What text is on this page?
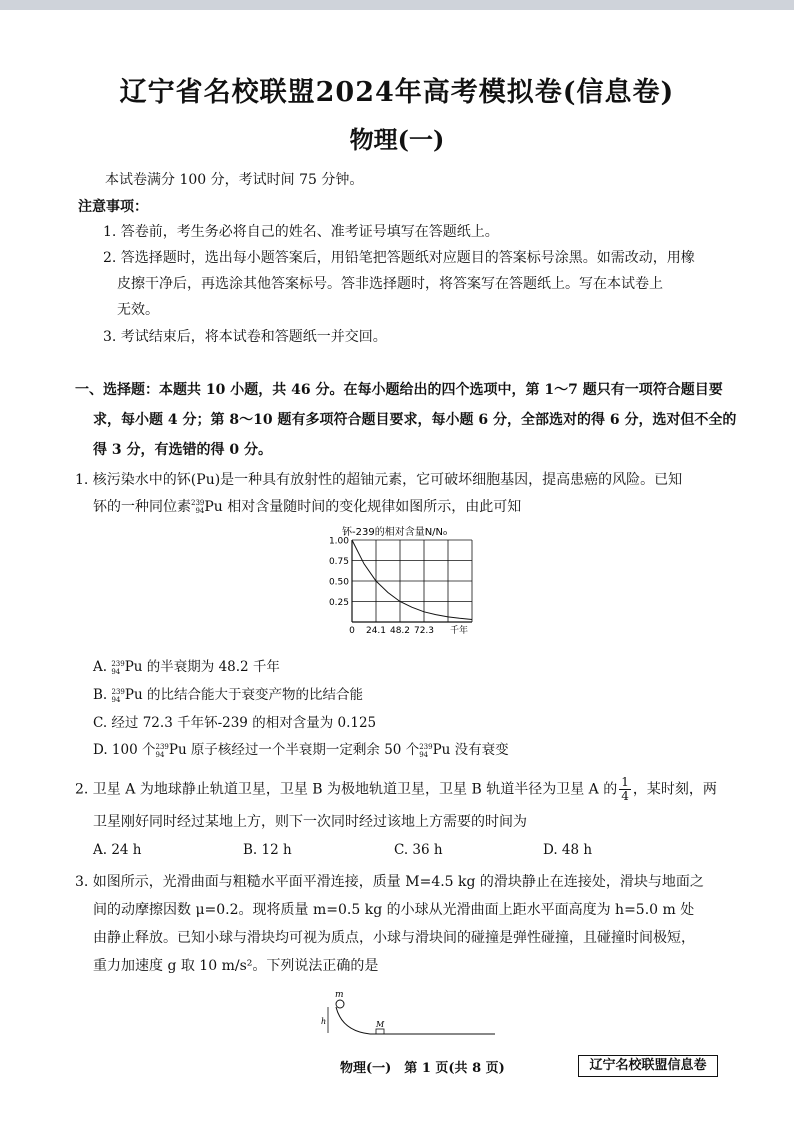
辽宁省名校联盟2024年高考模拟卷(信息卷)
物理(一)
本试卷满分 100 分，考试时间 75 分钟。
注意事项：
1. 答卷前，考生务必将自己的姓名、准考证号填写在答题纸上。
2. 答选择题时，选出每小题答案后，用铅笔把答题纸对应题目的答案标号涂黑。如需改动，用橡
皮擦干净后，再选涂其他答案标号。答非选择题时，将答案写在答题纸上。写在本试卷上
无效。
3. 考试结束后，将本试卷和答题纸一并交回。
一、选择题：本题共 10 小题，共 46 分。在每小题给出的四个选项中，第 1～7 题只有一项符合题目要
求，每小题 4 分；第 8～10 题有多项符合题目要求，每小题 6 分，全部选对的得 6 分，选对但不全的
得 3 分，有选错的得 0 分。
1. 核污染水中的钚(Pu)是一种具有放射性的超铀元素，它可破坏细胞基因，提高患癌的风险。已知
钚的一种同位素239
94Pu 相对含量随时间的变化规律如图所示，由此可知
钚-239的相对含量N/N₀
0.25
0.50
0.75
1.00
0 24.1 48.2 72.3 千年
A. 239
94 Pu 的半衰期为 48.2 千年
B. 239
94 Pu 的比结合能大于衰变产物的比结合能
C. 经过 72.3 千年钚-239 的相对含量为 0.125
D. 100 个239
94 Pu 原子核经过一个半衰期一定剩余 50 个239
94 Pu 没有衰变
2. 卫星 A 为地球静止轨道卫星，卫星 B 为极地轨道卫星，卫星 B 轨道半径为卫星 A 的 $\frac{1}{4}$ ，某时刻，两
卫星刚好同时经过某地上方，则下一次同时经过该地上方需要的时间为
A. 24 h	B. 12 h	C. 36 h	D. 48 h
3. 如图所示，光滑曲面与粗糙水平面平滑连接，质量 M=4.5 kg 的滑块静止在连接处，滑块与地面之
间的动摩擦因数 μ=0.2。现将质量 m=0.5 kg 的小球从光滑曲面上距水平面高度为 h=5.0 m 处
由静止释放。已知小球与滑块均可视为质点，小球与滑块间的碰撞是弹性碰撞，且碰撞时间极短，
重力加速度 g 取 10 m/s²。下列说法正确的是
m
h	M
物理(一)　第 1 页(共 8 页)	辽宁名校联盟信息卷
